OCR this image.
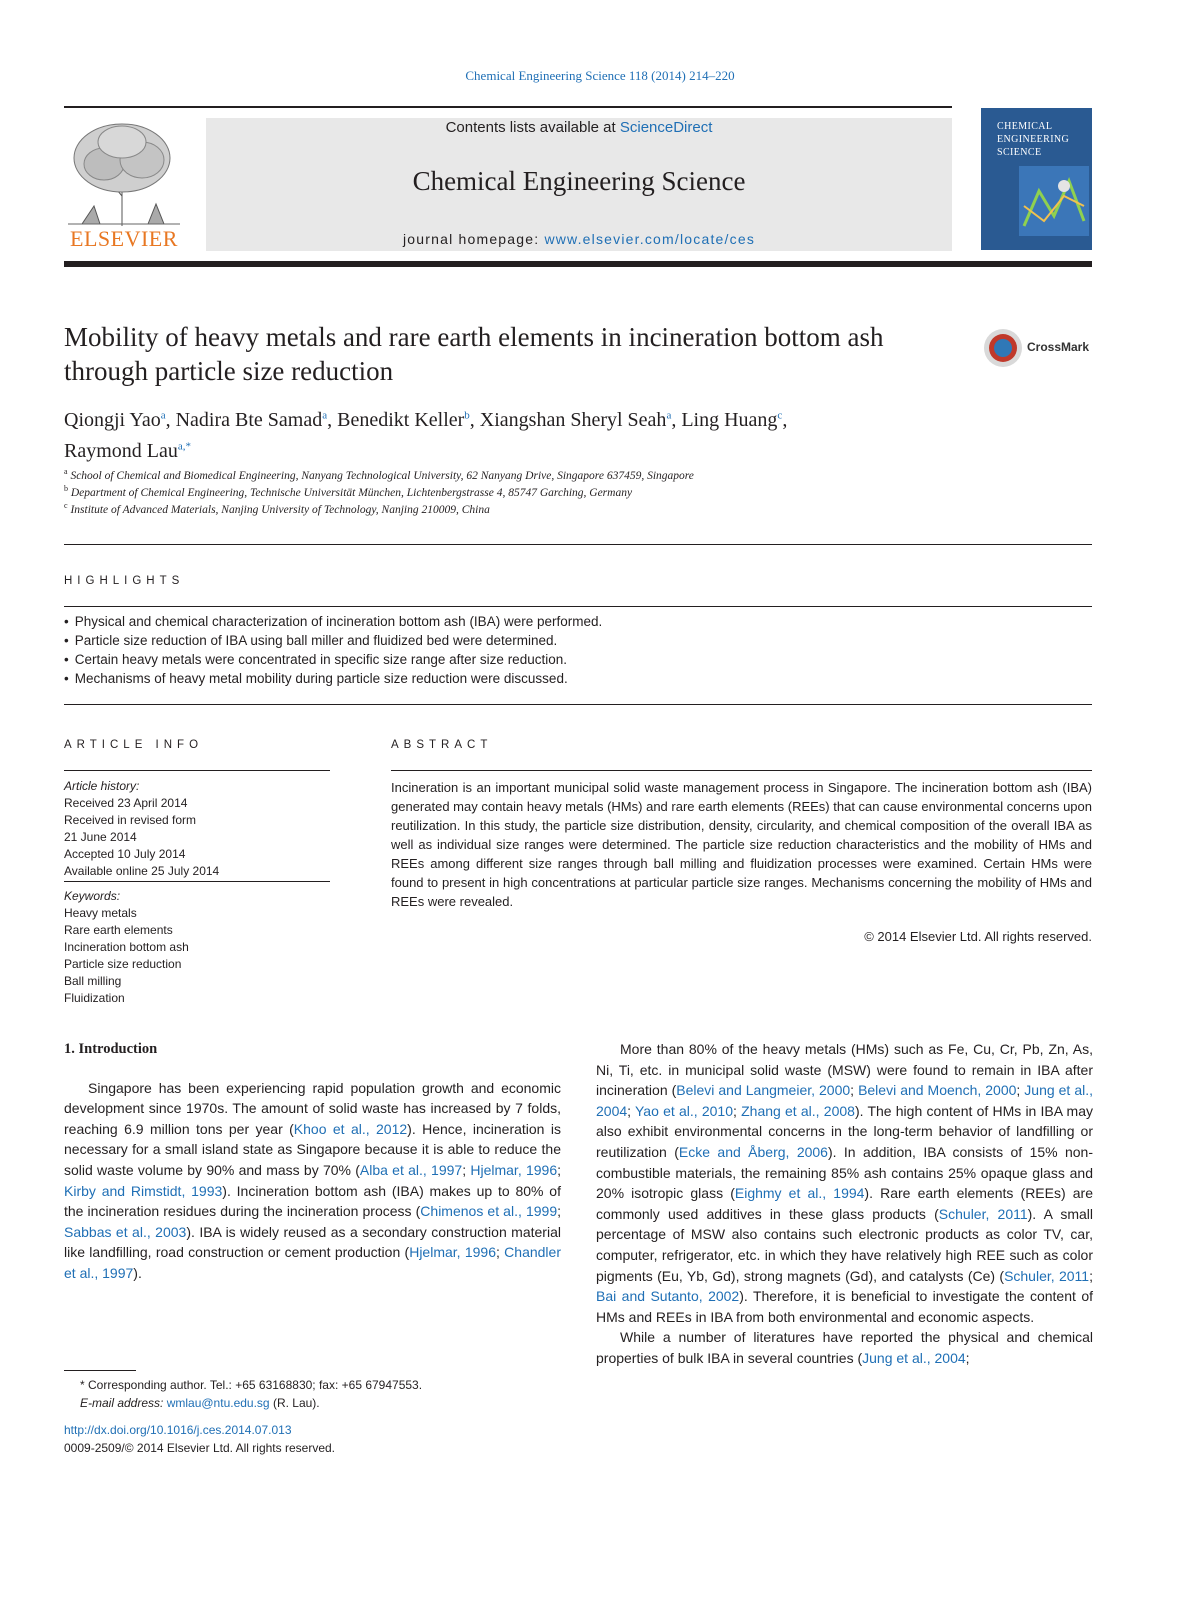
Chemical Engineering Science 118 (2014) 214–220
ELSEVIER
Contents lists available at ScienceDirect
Chemical Engineering Science
journal homepage: www.elsevier.com/locate/ces
CHEMICAL ENGINEERING SCIENCE
Mobility of heavy metals and rare earth elements in incineration bottom ash through particle size reduction
CrossMark
Qiongji Yao$^a$, Nadira Bte Samad$^a$, Benedikt Keller$^b$, Xiangshan Sheryl Seah$^a$, Ling Huang$^c$,
Raymond Lau$^{a,*}$
$^a$ School of Chemical and Biomedical Engineering, Nanyang Technological University, 62 Nanyang Drive, Singapore 637459, Singapore
$^b$ Department of Chemical Engineering, Technische Universität München, Lichtenbergstrasse 4, 85747 Garching, Germany
$^c$ Institute of Advanced Materials, Nanjing University of Technology, Nanjing 210009, China
HIGHLIGHTS
• Physical and chemical characterization of incineration bottom ash (IBA) were performed.
• Particle size reduction of IBA using ball miller and fluidized bed were determined.
• Certain heavy metals were concentrated in specific size range after size reduction.
• Mechanisms of heavy metal mobility during particle size reduction were discussed.
ARTICLE INFO	ABSTRACT
Article history:
Received 23 April 2014
Received in revised form
21 June 2014
Accepted 10 July 2014
Available online 25 July 2014
Keywords:
Heavy metals
Rare earth elements
Incineration bottom ash
Particle size reduction
Ball milling
Fluidization
Incineration is an important municipal solid waste management process in Singapore. The incineration bottom ash (IBA) generated may contain heavy metals (HMs) and rare earth elements (REEs) that can cause environmental concerns upon reutilization. In this study, the particle size distribution, density, circularity, and chemical composition of the overall IBA as well as individual size ranges were determined. The particle size reduction characteristics and the mobility of HMs and REEs among different size ranges through ball milling and fluidization processes were examined. Certain HMs were found to present in high concentrations at particular particle size ranges. Mechanisms concerning the mobility of HMs and REEs were revealed.
© 2014 Elsevier Ltd. All rights reserved.
1. Introduction

Singapore has been experiencing rapid population growth and economic development since 1970s. The amount of solid waste has increased by 7 folds, reaching 6.9 million tons per year (Khoo et al., 2012). Hence, incineration is necessary for a small island state as Singapore because it is able to reduce the solid waste volume by 90% and mass by 70% (Alba et al., 1997; Hjelmar, 1996; Kirby and Rimstidt, 1993). Incineration bottom ash (IBA) makes up to 80% of the incineration residues during the incineration process (Chimenos et al., 1999; Sabbas et al., 2003). IBA is widely reused as a secondary construction material like landfilling, road construction or cement production (Hjelmar, 1996; Chandler et al., 1997).

More than 80% of the heavy metals (HMs) such as Fe, Cu, Cr, Pb, Zn, As, Ni, Ti, etc. in municipal solid waste (MSW) were found to remain in IBA after incineration (Belevi and Langmeier, 2000; Belevi and Moench, 2000; Jung et al., 2004; Yao et al., 2010; Zhang et al., 2008). The high content of HMs in IBA may also exhibit environmental concerns in the long-term behavior of landfilling or reutilization (Ecke and Åberg, 2006). In addition, IBA consists of 15% non-combustible materials, the remaining 85% ash contains 25% opaque glass and 20% isotropic glass (Eighmy et al., 1994). Rare earth elements (REEs) are commonly used additives in these glass products (Schuler, 2011). A small percentage of MSW also contains such electronic products as color TV, car, computer, refrigerator, etc. in which they have relatively high REE such as color pigments (Eu, Yb, Gd), strong magnets (Gd), and catalysts (Ce) (Schuler, 2011; Bai and Sutanto, 2002). Therefore, it is beneficial to investigate the content of HMs and REEs in IBA from both environmental and economic aspects.

While a number of literatures have reported the physical and chemical properties of bulk IBA in several countries (Jung et al., 2004;

* Corresponding author. Tel.: +65 63168830; fax: +65 67947553.
E-mail address: wmlau@ntu.edu.sg (R. Lau).
http://dx.doi.org/10.1016/j.ces.2014.07.013
0009-2509/© 2014 Elsevier Ltd. All rights reserved.
